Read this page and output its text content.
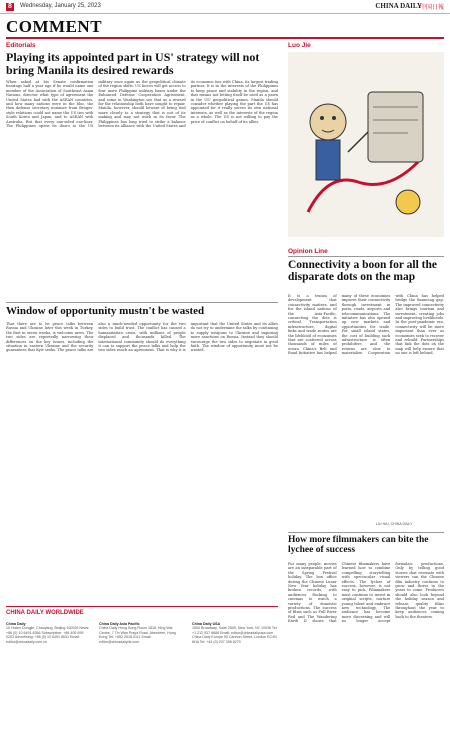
8	Wednesday, January 25, 2023	CHINA DAILY
中国日報
COMMENT
Editorials
Playing its appointed part in US' strategy will not bring Manila its desired rewards
When asked at his Senate confirmation hearings half a year ago if he would name one member of the Association of Southeast Asian Nations, director what type of agreement the United States had with the ASEAN countries, and how many nations were in the bloc, the then defense secretary nominee from Bruges-style relations could not name the US ties with South Korea and Japan, and to ASEAN with Australia. But that every one-sided one-liner. The Philippines opens its doors to the US military once again as the geopolitical climate of the region shifts. US forces will get access to four more Philippine military bases under the Enhanced Defense Cooperation Agreement, and some in Washington see that as a reward for the relationship both have sought to repair. Manila, however, should beware of being tied more closely to a strategy that is not of its making and may not work in its favor. The Philippines has long tried to strike a balance between its alliance with the United States and its economic ties with China, its largest trading partner. It is in the interests of the Philippines to keep peace and stability in the region, and that means not letting itself be used as a pawn in the US' geopolitical games. Manila should consider whether playing the part the US has appointed for it really serves its own national interests, as well as the interests of the region as a whole. The US is not willing to pay the price of conflict on behalf of its allies.
Window of opportunity mustn't be wasted
That there are to be peace talks between Russia and Ukraine later this week in Turkey, the first in seven weeks, is welcome news. The two sides are reportedly narrowing their differences on the key issues, including the situation in eastern Ukraine and the security guarantees that Kyiv seeks. The peace talks are also a much-needed opportunity for the two sides to build trust. The conflict has caused a humanitarian crisis, with millions of people displaced and thousands killed. The international community should do everything it can to support the peace talks and help the two sides reach an agreement. That is why it is important that the United States and its allies do not try to undermine the talks by continuing to supply weapons to Ukraine and imposing more sanctions on Russia. Instead they should encourage the two sides to negotiate in good faith. The window of opportunity must not be wasted.
Luo Jie
Opinion Line
Connectivity a boon for all the disparate dots on the map
It is a truism of development that connectivity matters, and for the island nations of the Asia-Pacific, connecting the dots is critical. Transportation infrastructure, digital links and trade routes are the lifeblood of economies that are scattered across thousands of miles of ocean. China's Belt and Road Initiative has helped many of these economies improve their connectivity through investment in ports, roads, airports and telecommunications. The initiative has also opened up new markets and opportunities for trade. For small island states, the cost of building such infrastructure is often prohibitive, and the returns are slow to materialize. Cooperation with China has helped bridge the financing gap. The improved connectivity also brings tourism and investment, creating jobs and improving livelihoods. In the post-pandemic era, connectivity will be more important than ever as economies seek to recover and rebuild. Partnerships that link the dots on the map will help ensure that no one is left behind.
LIU HAI, CHINA DAILY
How more filmmakers can bite the lychee of success
For many people, movies are an inseparable part of the Spring Festival holiday. The box office during the Chinese Lunar New Year holiday has broken records, with audiences flocking to cinemas to watch a variety of domestic productions. The success of films such as Full River Red and The Wandering Earth II shows that Chinese filmmakers have learned how to combine compelling storytelling with spectacular visual effects. The lychee of success, however, is not easy to pick. Filmmakers must continue to invest in original scripts, nurture young talent and embrace new technology. The audience has become more discerning and will no longer accept formulaic productions. Only by telling good stories that resonate with viewers can the Chinese film industry continue to grow and thrive in the years to come. Producers should also look beyond the holiday season and release quality films throughout the year to keep audiences coming back to the theaters.
CHINA DAILY WORLDWIDE
China Daily
15 Huixin Dongjie, Chaoyang, Beijing 100029 News: +86 (0) 10 6491 8366 Subscription: +86 400 699 0203 Advertising: +86 (0) 10 6491 8631 Email: editor@chinadaily.com.cn
China Daily Asia Pacific
China Daily Hong Kong Room 1818, Hing Wai Centre, 7 Tin Wan Praya Road, Aberdeen, Hong Kong Tel: +852 2518 5111 Email: editor@chinadailyhk.com
China Daily USA
1500 Broadway, Suite 2800, New York, NY 10036 Tel: +1 212 537 8888 Email: editor@chinadailyusa.com China Daily Europe 90 Cannon Street, London EC4N 6HA Tel: +44 (0) 207 398 8270
